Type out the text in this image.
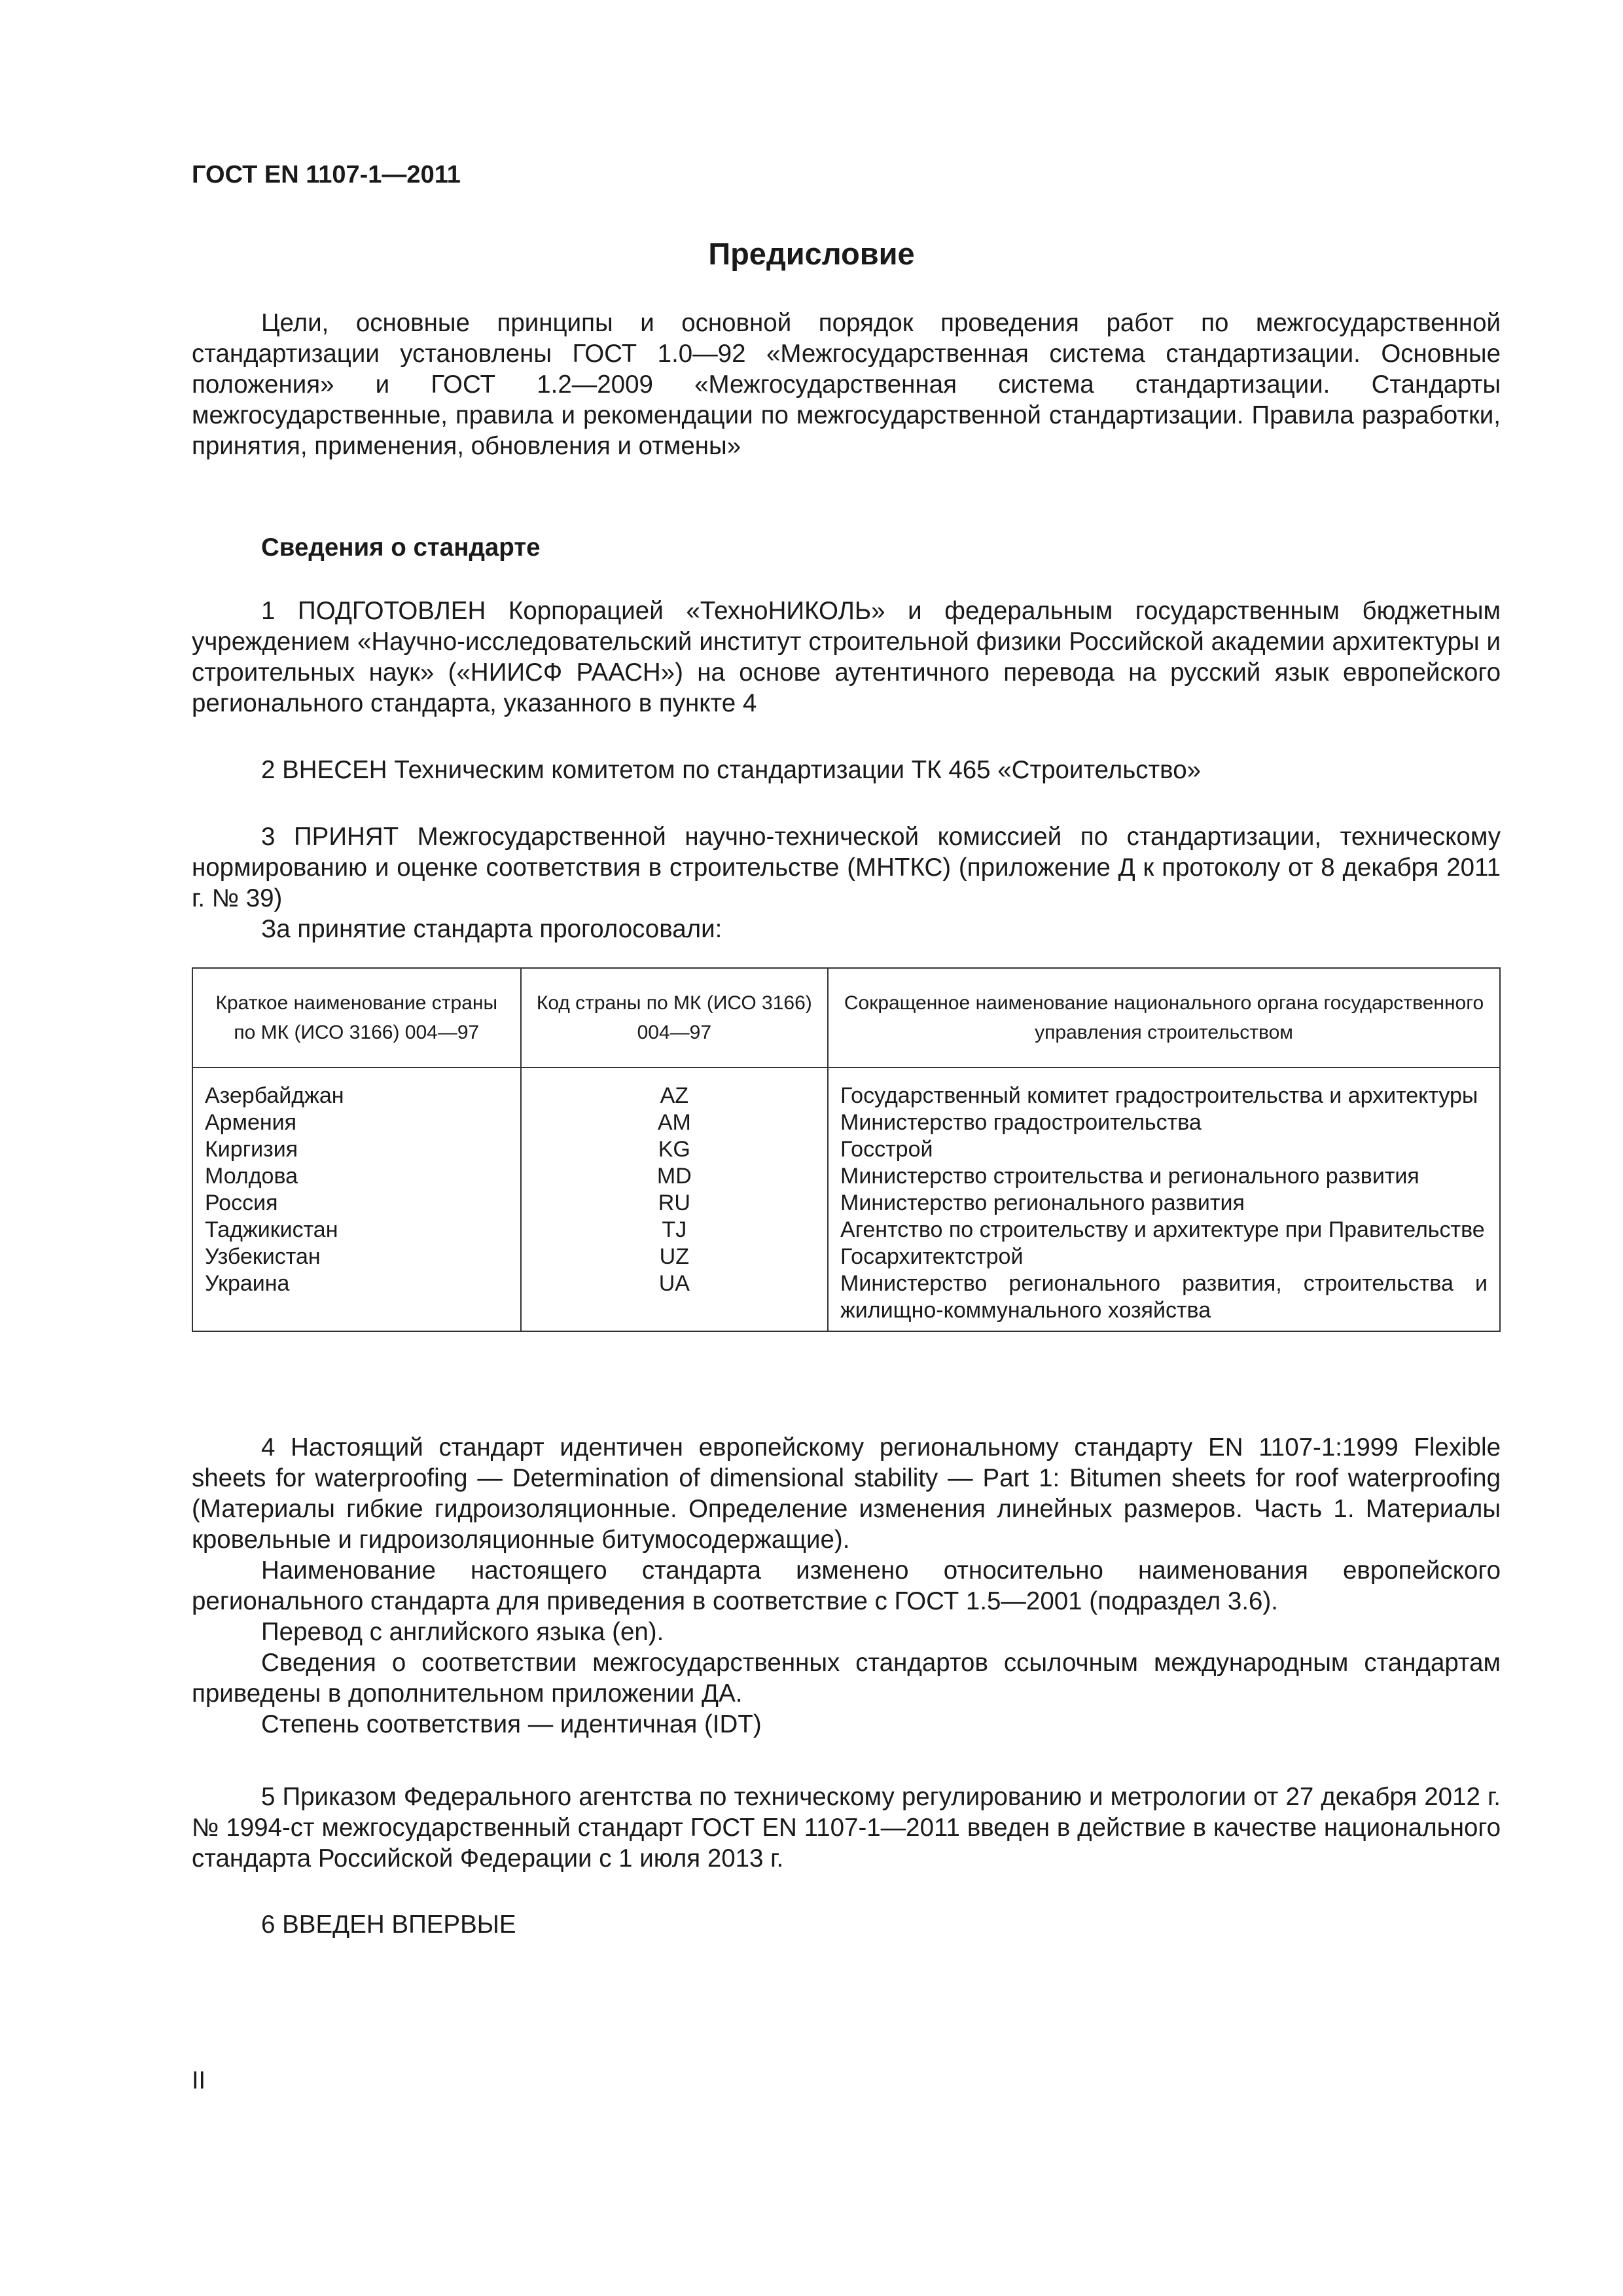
ГОСТ EN 1107-1—2011

Предисловие

Цели, основные принципы и основной порядок проведения работ по межгосударственной стандартизации установлены ГОСТ 1.0—92 «Межгосударственная система стандартизации. Основные положения» и ГОСТ 1.2—2009 «Межгосударственная система стандартизации. Стандарты межгосударственные, правила и рекомендации по межгосударственной стандартизации. Правила разработки, принятия, применения, обновления и отмены»

Сведения о стандарте

1 ПОДГОТОВЛЕН Корпорацией «ТехноНИКОЛЬ» и федеральным государственным бюджетным учреждением «Научно-исследовательский институт строительной физики Российской академии архитектуры и строительных наук» («НИИСФ РААСН») на основе аутентичного перевода на русский язык европейского регионального стандарта, указанного в пункте 4

2 ВНЕСЕН Техническим комитетом по стандартизации ТК 465 «Строительство»

3 ПРИНЯТ Межгосударственной научно-технической комиссией по стандартизации, техническому нормированию и оценке соответствия в строительстве (МНТКС) (приложение Д к протоколу от 8 декабря 2011 г. № 39)

За принятие стандарта проголосовали:

Краткое наименование страны по МК (ИСО 3166) 004—97	Код страны по МК (ИСО 3166) 004—97	Сокращенное наименование национального органа государственного управления строительством
Азербайджан	AZ	Государственный комитет градостроительства и архитектуры
Армения	AM	Министерство градостроительства
Киргизия	KG	Госстрой
Молдова	MD	Министерство строительства и регионального развития
Россия	RU	Министерство регионального развития
Таджикистан	TJ	Агентство по строительству и архитектуре при Правительстве
Узбекистан	UZ	Госархитектстрой
Украина	UA	Министерство регионального развития, строительства и жилищно-коммунального хозяйства

4 Настоящий стандарт идентичен европейскому региональному стандарту EN 1107-1:1999 Flexible sheets for waterproofing — Determination of dimensional stability — Part 1: Bitumen sheets for roof waterproofing (Материалы гибкие гидроизоляционные. Определение изменения линейных размеров. Часть 1. Материалы кровельные и гидроизоляционные битумосодержащие).

Наименование настоящего стандарта изменено относительно наименования европейского регионального стандарта для приведения в соответствие с ГОСТ 1.5—2001 (подраздел 3.6).

Перевод с английского языка (en).

Сведения о соответствии межгосударственных стандартов ссылочным международным стандартам приведены в дополнительном приложении ДА.

Степень соответствия — идентичная (IDT)

5 Приказом Федерального агентства по техническому регулированию и метрологии от 27 декабря 2012 г. № 1994-ст межгосударственный стандарт ГОСТ EN 1107-1—2011 введен в действие в качестве национального стандарта Российской Федерации с 1 июля 2013 г.

6 ВВЕДЕН ВПЕРВЫЕ

II
